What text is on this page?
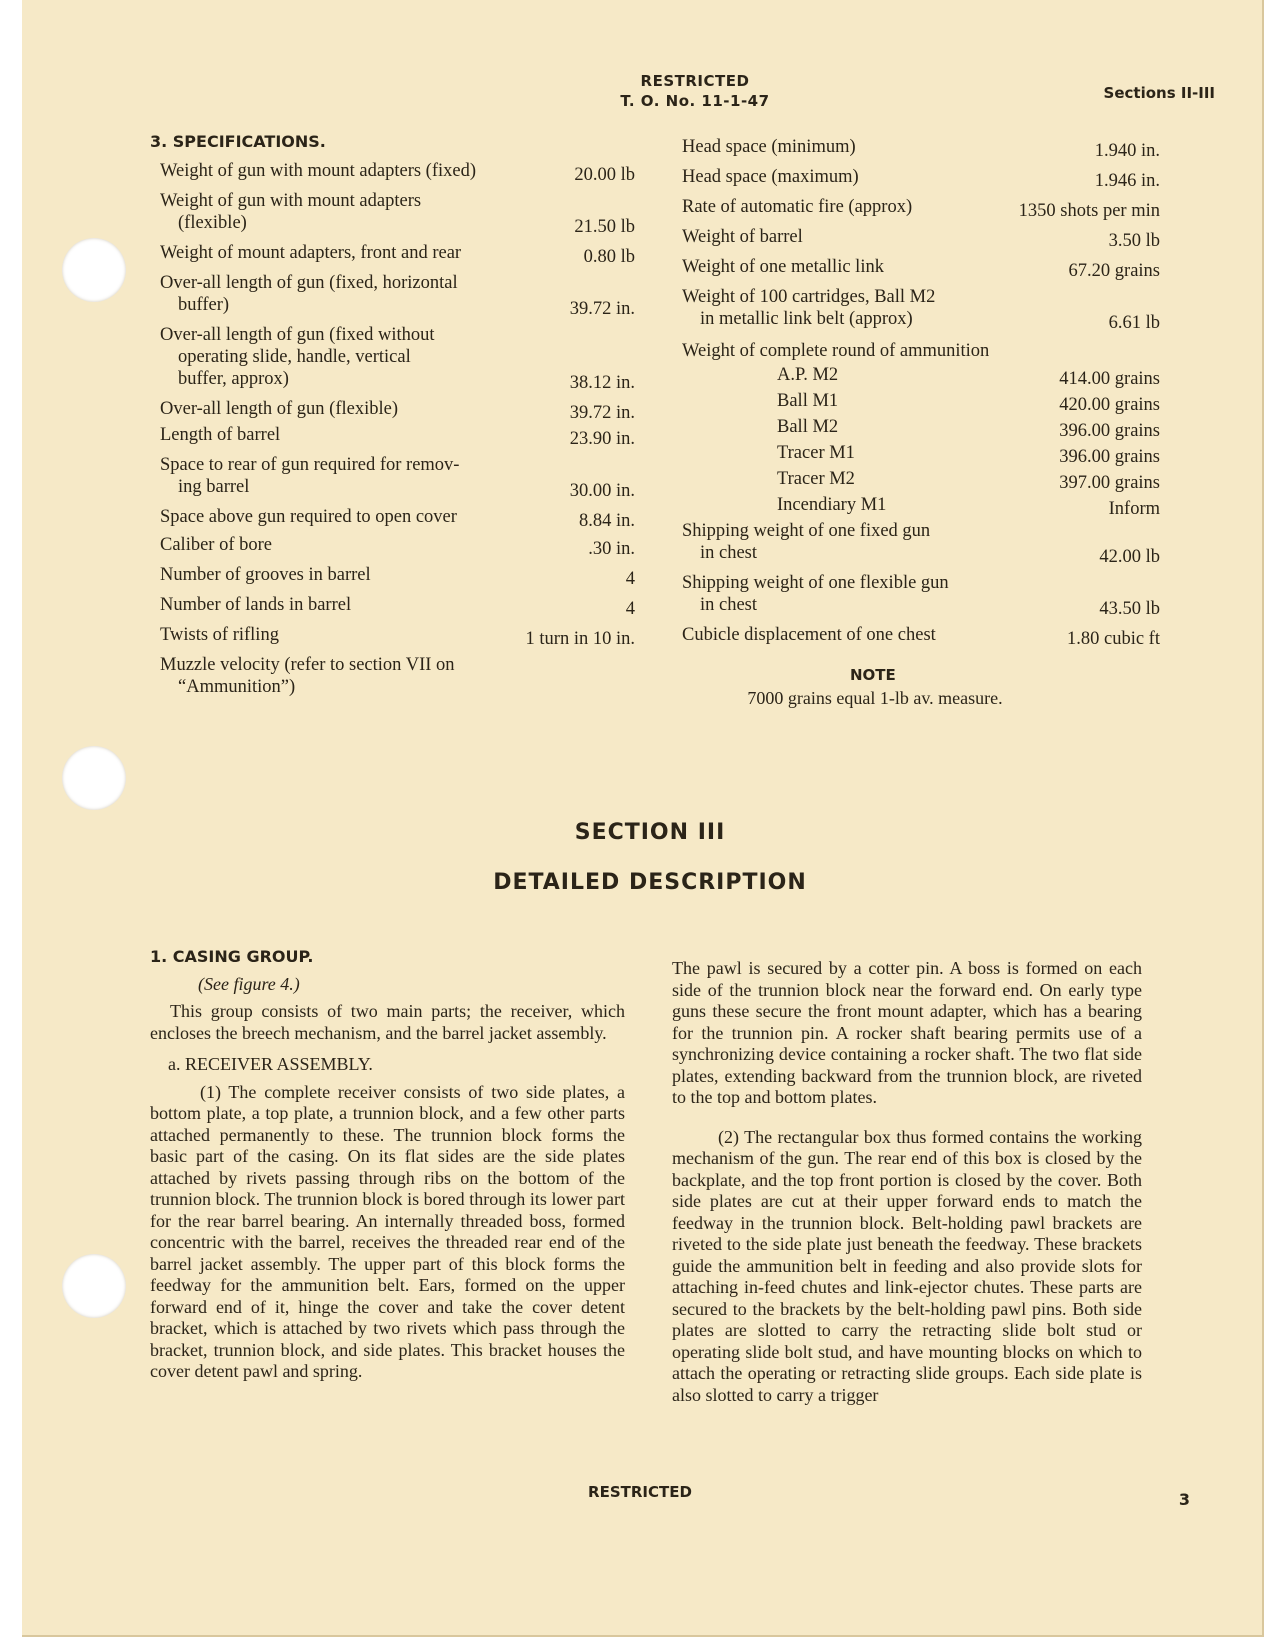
RESTRICTED
T. O. No. 11-1-47	Sections II-III
3. SPECIFICATIONS.
Weight of gun with mount adapters (fixed)	20.00 lb
Weight of gun with mount adapters
(flexible)	21.50 lb
Weight of mount adapters, front and rear	0.80 lb
Over-all length of gun (fixed, horizontal
buffer)	39.72 in.
Over-all length of gun (fixed without
operating slide, handle, vertical
buffer, approx)	38.12 in.
Over-all length of gun (flexible)	39.72 in.
Length of barrel	23.90 in.
Space to rear of gun required for remov-
ing barrel	30.00 in.
Space above gun required to open cover	8.84 in.
Caliber of bore	.30 in.
Number of grooves in barrel	4
Number of lands in barrel	4
Twists of rifling	1 turn in 10 in.
Muzzle velocity (refer to section VII on
“Ammunition”)
Head space (minimum)	1.940 in.
Head space (maximum)	1.946 in.
Rate of automatic fire (approx)	1350 shots per min
Weight of barrel	3.50 lb
Weight of one metallic link	67.20 grains
Weight of 100 cartridges, Ball M2
in metallic link belt (approx)	6.61 lb
Weight of complete round of ammunition
A.P. M2	414.00 grains
Ball M1	420.00 grains
Ball M2	396.00 grains
Tracer M1	396.00 grains
Tracer M2	397.00 grains
Incendiary M1	Inform
Shipping weight of one fixed gun
in chest	42.00 lb
Shipping weight of one flexible gun
in chest	43.50 lb
Cubicle displacement of one chest	1.80 cubic ft
NOTE
7000 grains equal 1-lb av. measure.
SECTION III
DETAILED DESCRIPTION
1. CASING GROUP.
(See figure 4.)

This group consists of two main parts; the receiver, which encloses the breech mechanism, and the barrel jacket assembly.

a. RECEIVER ASSEMBLY.

(1) The complete receiver consists of two side plates, a bottom plate, a top plate, a trunnion block, and a few other parts attached permanently to these. The trunnion block forms the basic part of the casing. On its flat sides are the side plates attached by rivets passing through ribs on the bottom of the trunnion block. The trunnion block is bored through its lower part for the rear barrel bearing. An internally threaded boss, formed concentric with the barrel, receives the threaded rear end of the barrel jacket assembly. The upper part of this block forms the feedway for the ammunition belt. Ears, formed on the upper forward end of it, hinge the cover and take the cover detent bracket, which is attached by two rivets which pass through the bracket, trunnion block, and side plates. This bracket houses the cover detent pawl and spring.

The pawl is secured by a cotter pin. A boss is formed on each side of the trunnion block near the forward end. On early type guns these secure the front mount adapter, which has a bearing for the trunnion pin. A rocker shaft bearing permits use of a synchronizing device containing a rocker shaft. The two flat side plates, extending backward from the trunnion block, are riveted to the top and bottom plates.

(2) The rectangular box thus formed contains the working mechanism of the gun. The rear end of this box is closed by the backplate, and the top front portion is closed by the cover. Both side plates are cut at their upper forward ends to match the feedway in the trunnion block. Belt-holding pawl brackets are riveted to the side plate just beneath the feedway. These brackets guide the ammunition belt in feeding and also provide slots for attaching in-feed chutes and link-ejector chutes. These parts are secured to the brackets by the belt-holding pawl pins. Both side plates are slotted to carry the retracting slide bolt stud or operating slide bolt stud, and have mounting blocks on which to attach the operating or retracting slide groups. Each side plate is also slotted to carry a trigger

RESTRICTED	3
